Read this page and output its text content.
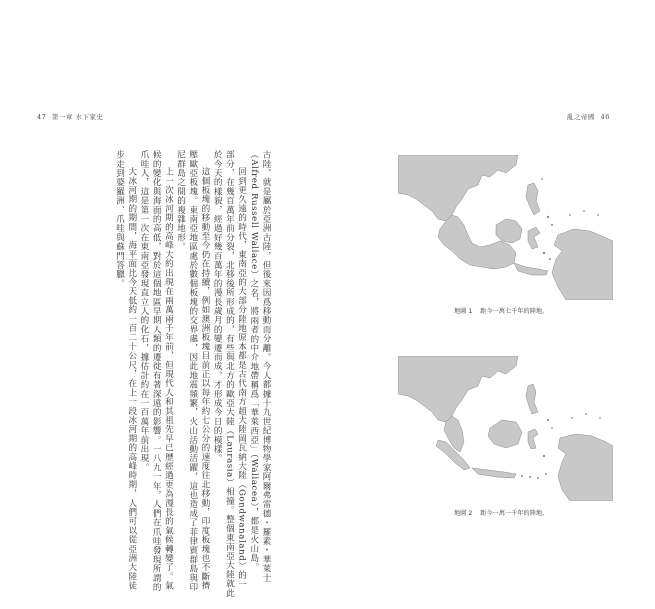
47 第一章 水下家史	亂之帝國 46

古陸，就是屬於亞洲古陸，但後來因爲移動而分離。今人都據十九世紀博物學家阿爾弗雷德・羅素・華萊士（Alfred Russell Wallace）之名，將兩者的中介地帶稱爲「華萊西亞」（Wallacea），都是火山島。

回到更久遠的時代，東南亞的大部分陸地原本都是古代南方超大陸岡瓦納大陸（Gondwanaland）的一部分，在幾百萬年前分裂，北移後所形成的，有些與北方的歐亞大陸（Laurasia）相撞。整個東南亞大陸就此於今天的樣貌，經過好幾百萬年的漫長歲月的變遷而成，才形成今日的模樣。

這個板塊的移動至今仍在持續，例如澳洲板塊目前正以每年約七公分的速度往北移動，印度板塊也不斷擠壓歐亞板塊。東南亞地區處於數個板塊的交界處，因此地震頻繁，火山活動活躍，這也造成了菲律賓群島與印尼群島之間的複雜地形。

上一次冰河期的高峰大約出現在兩萬兩千年前，但現代人和其祖先早已歷經過更為漫長的氣候轉變了。氣候的變化與海面的高低，對於這個地區早期人類的遷徙有著深遠的影響。一八九一年，人們在爪哇發現所謂的爪哇人，這是第一次在東南亞發現直立人的化石，據估計約在一百萬年前出現。

大冰河期的期間，海平面比今天低約一百二十公尺，在上一段冰河期的高峰時期，人們可以從亞洲大陸徒步走到婆羅洲、爪哇與蘇門答臘。

地圖 1 距今一萬七千年的陸地。
地圖 2 距今一萬一千年的陸地。
